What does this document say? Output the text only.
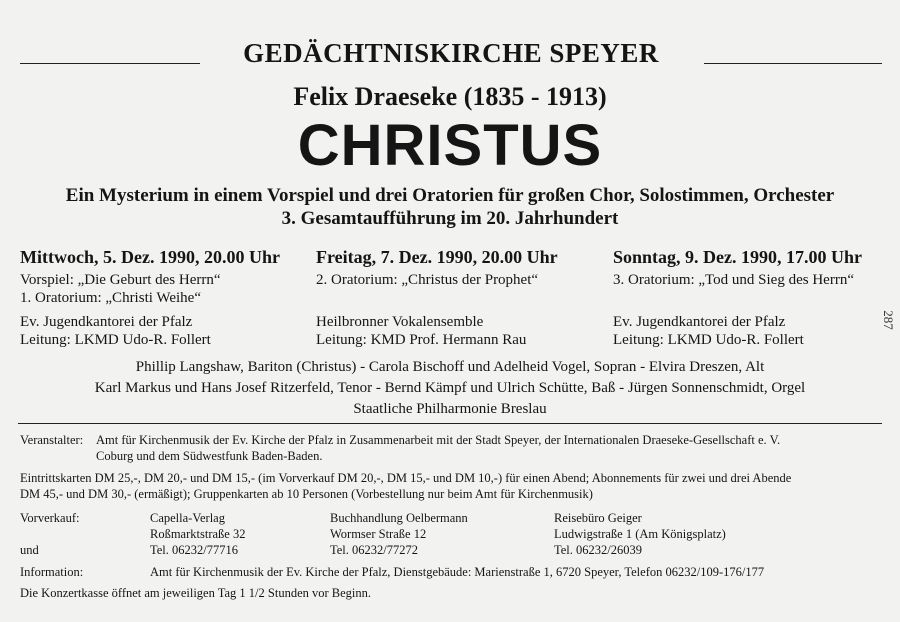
GEDÄCHTNISKIRCHE SPEYER
Felix Draeseke (1835 - 1913)
CHRISTUS
Ein Mysterium in einem Vorspiel und drei Oratorien für großen Chor, Solostimmen, Orchester
3. Gesamtaufführung im 20. Jahrhundert
Mittwoch, 5. Dez. 1990, 20.00 Uhr
Vorspiel: „Die Geburt des Herrn“
1. Oratorium: „Christi Weihe“
Ev. Jugendkantorei der Pfalz
Leitung: LKMD Udo-R. Follert
Freitag, 7. Dez. 1990, 20.00 Uhr
2. Oratorium: „Christus der Prophet“
Heilbronner Vokalensemble
Leitung: KMD Prof. Hermann Rau
Sonntag, 9. Dez. 1990, 17.00 Uhr
3. Oratorium: „Tod und Sieg des Herrn“
Ev. Jugendkantorei der Pfalz
Leitung: LKMD Udo-R. Follert
Phillip Langshaw, Bariton (Christus) - Carola Bischoff und Adelheid Vogel, Sopran - Elvira Dreszen, Alt
Karl Markus und Hans Josef Ritzerfeld, Tenor - Bernd Kämpf und Ulrich Schütte, Baß - Jürgen Sonnenschmidt, Orgel
Staatliche Philharmonie Breslau
Veranstalter: Amt für Kirchenmusik der Ev. Kirche der Pfalz in Zusammenarbeit mit der Stadt Speyer, der Internationalen Draeseke-Gesellschaft e. V.
Coburg und dem Südwestfunk Baden-Baden.
Eintrittskarten DM 25,-, DM 20,- und DM 15,- (im Vorverkauf DM 20,-, DM 15,- und DM 10,-) für einen Abend; Abonnements für zwei und drei Abende
DM 45,- und DM 30,- (ermäßigt); Gruppenkarten ab 10 Personen (Vorbestellung nur beim Amt für Kirchenmusik)
Vorverkauf:
und
Capella-Verlag
Roßmarktstraße 32
Tel. 06232/77716
Buchhandlung Oelbermann
Wormser Straße 12
Tel. 06232/77272
Reisebüro Geiger
Ludwigstraße 1 (Am Königsplatz)
Tel. 06232/26039
Information:	Amt für Kirchenmusik der Ev. Kirche der Pfalz, Dienstgebäude: Marienstraße 1, 6720 Speyer, Telefon 06232/109-176/177
Die Konzertkasse öffnet am jeweiligen Tag 1 1/2 Stunden vor Beginn.
287
